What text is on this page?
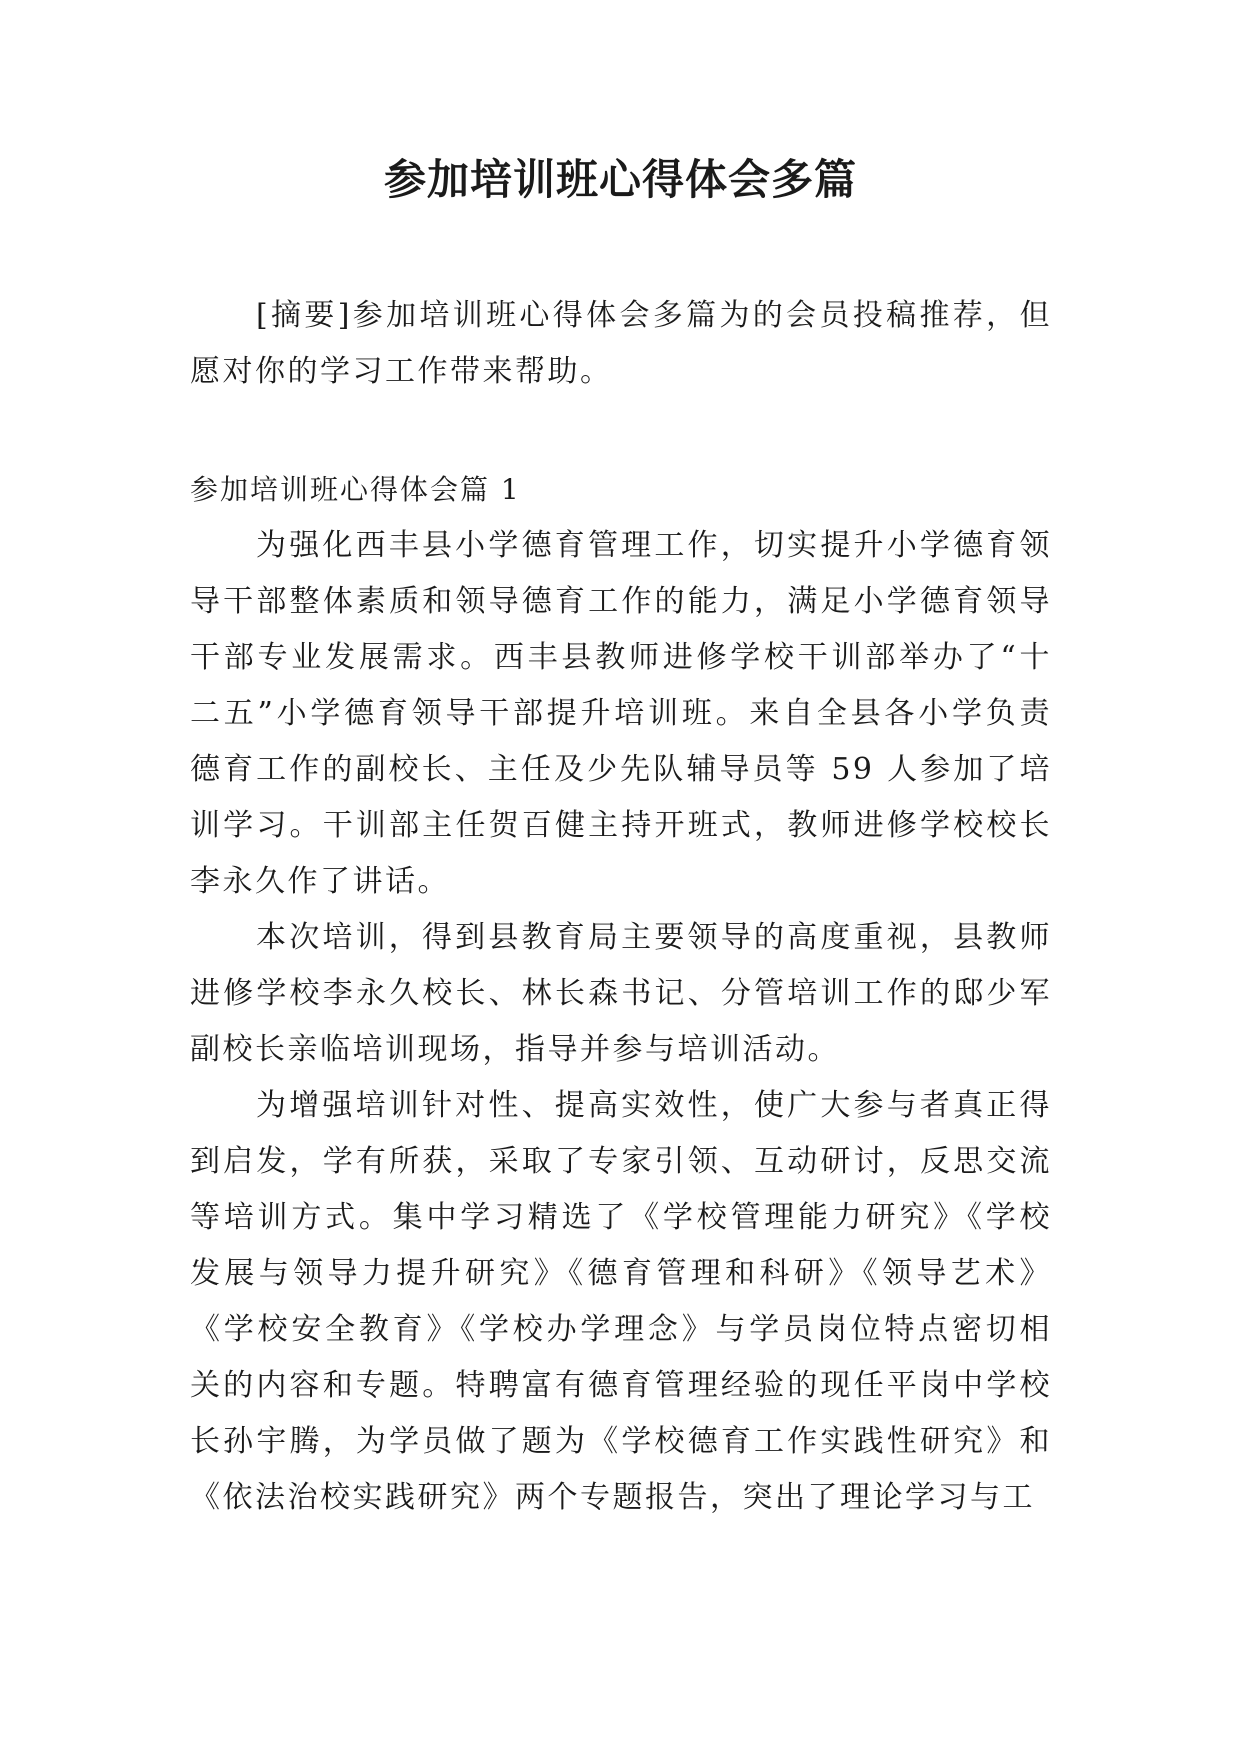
参加培训班心得体会多篇

[摘要]参加培训班心得体会多篇为的会员投稿推荐，但愿对你的学习工作带来帮助。

参加培训班心得体会篇 1

为强化西丰县小学德育管理工作，切实提升小学德育领导干部整体素质和领导德育工作的能力，满足小学德育领导干部专业发展需求。西丰县教师进修学校干训部举办了“十二五”小学德育领导干部提升培训班。来自全县各小学负责德育工作的副校长、主任及少先队辅导员等 59 人参加了培训学习。干训部主任贺百健主持开班式，教师进修学校校长李永久作了讲话。

本次培训，得到县教育局主要领导的高度重视，县教师进修学校李永久校长、林长森书记、分管培训工作的邸少军副校长亲临培训现场，指导并参与培训活动。

为增强培训针对性、提高实效性，使广大参与者真正得到启发，学有所获，采取了专家引领、互动研讨，反思交流等培训方式。集中学习精选了《学校管理能力研究》《学校发展与领导力提升研究》《德育管理和科研》《领导艺术》《学校安全教育》《学校办学理念》与学员岗位特点密切相关的内容和专题。特聘富有德育管理经验的现任平岗中学校长孙宇腾，为学员做了题为《学校德育工作实践性研究》和《依法治校实践研究》两个专题报告，突出了理论学习与工
